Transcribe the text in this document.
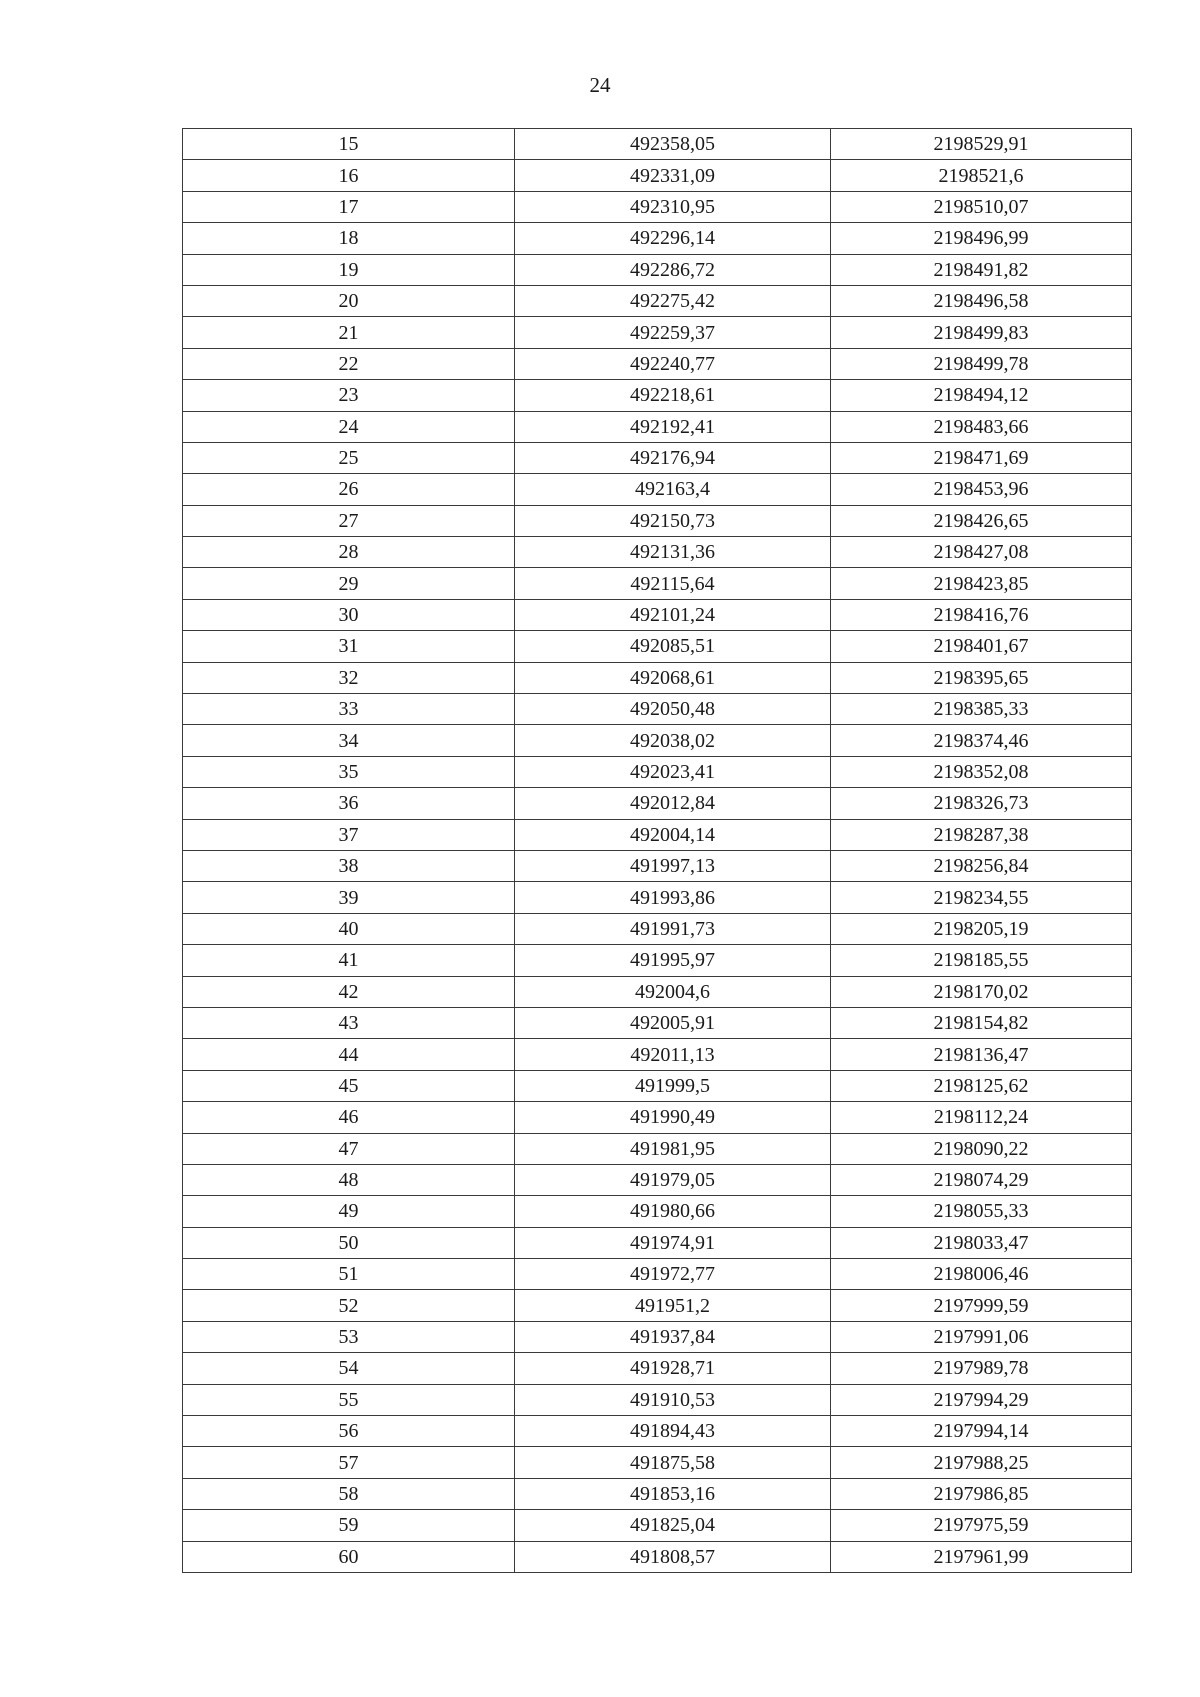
24
15	492358,05	2198529,91
16	492331,09	2198521,6
17	492310,95	2198510,07
18	492296,14	2198496,99
19	492286,72	2198491,82
20	492275,42	2198496,58
21	492259,37	2198499,83
22	492240,77	2198499,78
23	492218,61	2198494,12
24	492192,41	2198483,66
25	492176,94	2198471,69
26	492163,4	2198453,96
27	492150,73	2198426,65
28	492131,36	2198427,08
29	492115,64	2198423,85
30	492101,24	2198416,76
31	492085,51	2198401,67
32	492068,61	2198395,65
33	492050,48	2198385,33
34	492038,02	2198374,46
35	492023,41	2198352,08
36	492012,84	2198326,73
37	492004,14	2198287,38
38	491997,13	2198256,84
39	491993,86	2198234,55
40	491991,73	2198205,19
41	491995,97	2198185,55
42	492004,6	2198170,02
43	492005,91	2198154,82
44	492011,13	2198136,47
45	491999,5	2198125,62
46	491990,49	2198112,24
47	491981,95	2198090,22
48	491979,05	2198074,29
49	491980,66	2198055,33
50	491974,91	2198033,47
51	491972,77	2198006,46
52	491951,2	2197999,59
53	491937,84	2197991,06
54	491928,71	2197989,78
55	491910,53	2197994,29
56	491894,43	2197994,14
57	491875,58	2197988,25
58	491853,16	2197986,85
59	491825,04	2197975,59
60	491808,57	2197961,99
